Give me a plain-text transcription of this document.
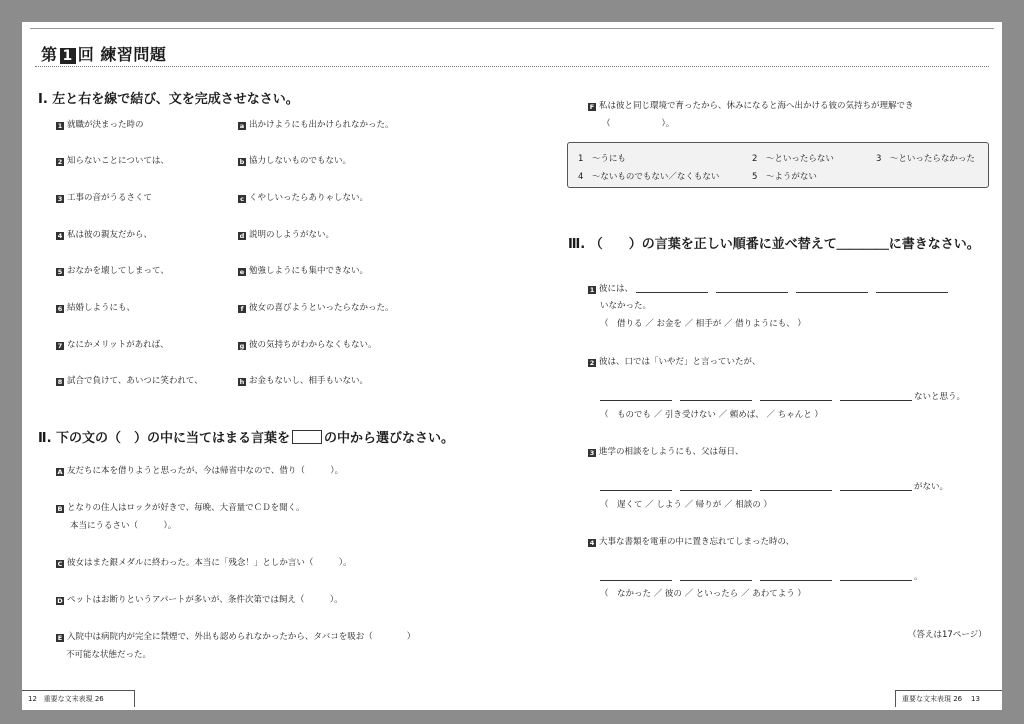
第 1 回 練習問題
Ⅰ. 左と右を線で結び、文を完成させなさい。
1 就職が決まった時の
2 知らないことについては、
3 工事の音がうるさくて
4 私は彼の親友だから、
5 おなかを壊してしまって、
6 結婚しようにも、
7 なにかメリットがあれば、
8 試合で負けて、あいつに笑われて、
a 出かけようにも出かけられなかった。
b 協力しないものでもない。
c くやしいったらありゃしない。
d 説明のしようがない。
e 勉強しようにも集中できない。
f 彼女の喜びようといったらなかった。
g 彼の気持ちがわからなくもない。
h お金もないし、相手もいない。
Ⅱ. 下の文の（　）の中に当てはまる言葉を	の中から選びなさい。
A 友だちに本を借りようと思ったが、今は帰省中なので、借り（　　　）。
B となりの住人はロックが好きで、毎晩、大音量でＣＤを聞く。
本当にうるさい（　　　）。
C 彼女はまた銀メダルに終わった。本当に「残念！」としか言い（　　　）。
D ペットはお断りというアパートが多いが、条件次第では飼え（　　　）。
E 入院中は病院内が完全に禁煙で、外出も認められなかったから、タバコを吸お（　　　　）
不可能な状態だった。
F 私は彼と同じ環境で育ったから、休みになると海へ出かける彼の気持ちが理解でき
（　　　　　　）。
1　〜うにも	2　〜といったらない	3　〜といったらなかった
4　〜ないものでもない／なくもない	5　〜ようがない
Ⅲ. （　　）の言葉を正しい順番に並べ替えて＿＿＿＿に書きなさい。
1 彼には、
いなかった。
（　借りる ／ お金を ／ 相手が ／ 借りようにも、 ）
2 彼は、口では「いやだ」と言っていたが、
ないと思う。
（　ものでも ／ 引き受けない ／ 頼めば、 ／ ちゃんと ）
3 進学の相談をしようにも、父は毎日、
がない。
（　遅くて ／ しよう ／ 帰りが ／ 相談の ）
4 大事な書類を電車の中に置き忘れてしまった時の、
。
（　なかった ／ 彼の ／ といったら ／ あわてよう ）
（答えは17ページ）
12 重要な文末表現 26	重要な文末表現 26 13
